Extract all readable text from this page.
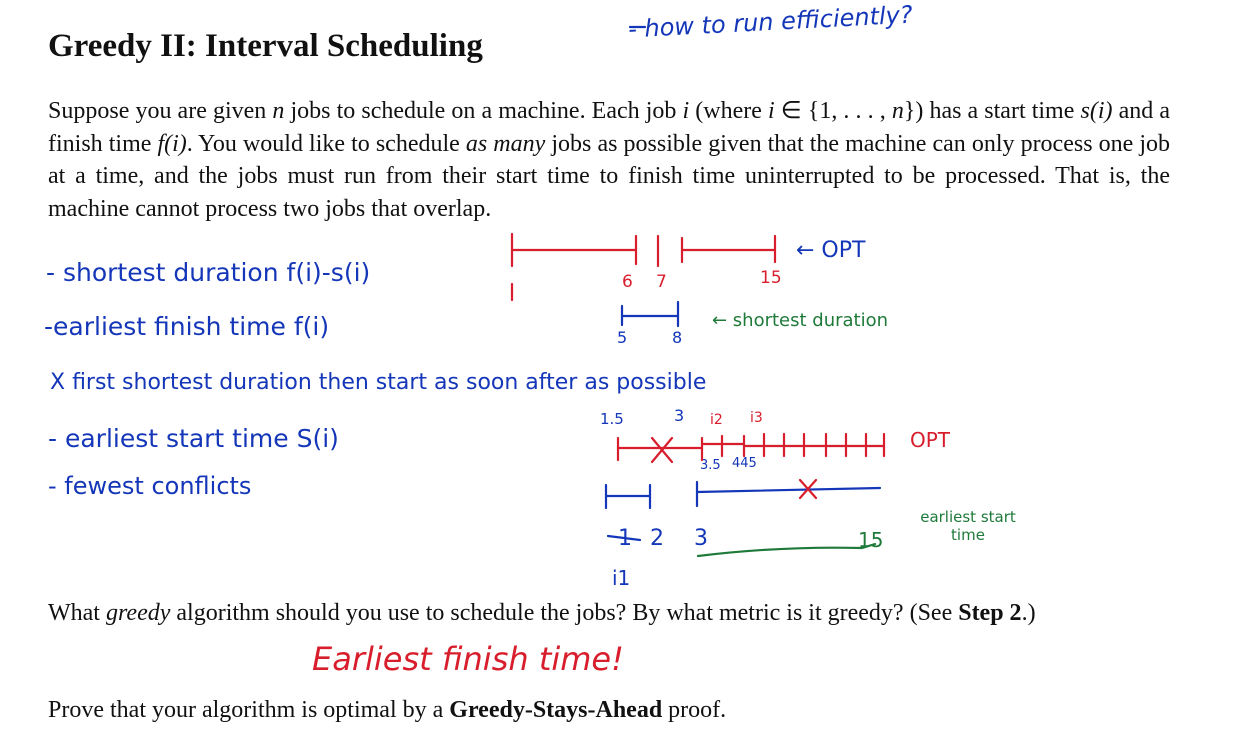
Greedy II: Interval Scheduling
Suppose you are given n jobs to schedule on a machine. Each job i (where i ∈ {1, . . . , n}) has a start time s(i) and a finish time f(i). You would like to schedule as many jobs as possible given that the machine can only process one job at a time, and the jobs must run from their start time to finish time uninterrupted to be processed. That is, the machine cannot process two jobs that overlap.
- how to run efficiently?
- shortest duration f(i)-s(i)
-earliest finish time f(i)
X first shortest duration then start as soon after as possible
- earliest start time S(i)
- fewest conflicts
← OPT
← shortest duration
OPT
earliest start time
Earliest finish time!
6 7	15
5	8
1.5	3 i2 i3
3.5 445
1 2 3	15
i1
What greedy algorithm should you use to schedule the jobs? By what metric is it greedy? (See Step 2.)
Prove that your algorithm is optimal by a Greedy-Stays-Ahead proof.
